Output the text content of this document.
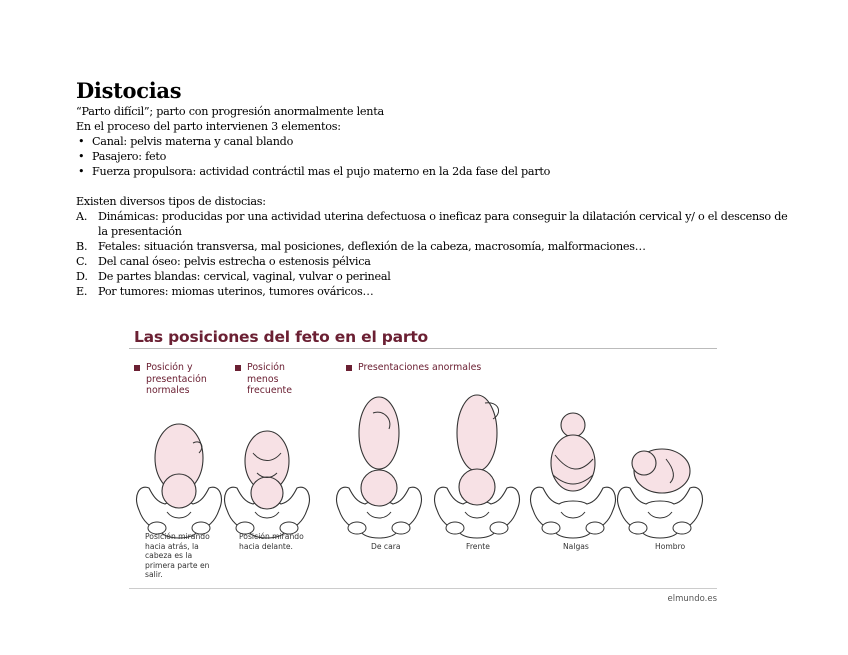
Distocias
“Parto difícil”; parto con progresión anormalmente lenta
En el proceso del parto intervienen 3 elementos:
• Canal: pelvis materna y canal blando
• Pasajero: feto
• Fuerza propulsora: actividad contráctil mas el pujo materno en la 2da fase del parto
Existen diversos tipos de distocias:
A. Dinámicas: producidas por una actividad uterina defectuosa o ineficaz para conseguir la dilatación cervical y/ o el descenso de la presentación
B. Fetales: situación transversa, mal posiciones, deflexión de la cabeza, macrosomía, malformaciones…
C. Del canal óseo: pelvis estrecha o estenosis pélvica
D. De partes blandas: cervical, vaginal, vulvar o perineal
E. Por tumores: miomas uterinos, tumores ováricos…
Las posiciones del feto en el parto
Posición y presentación normales
Posición menos frecuente
Presentaciones anormales
Posición mirando hacia atrás, la cabeza es la primera parte en salir.
Posición mirando hacia delante.	De cara	Frente	Nalgas	Hombro
elmundo.es
